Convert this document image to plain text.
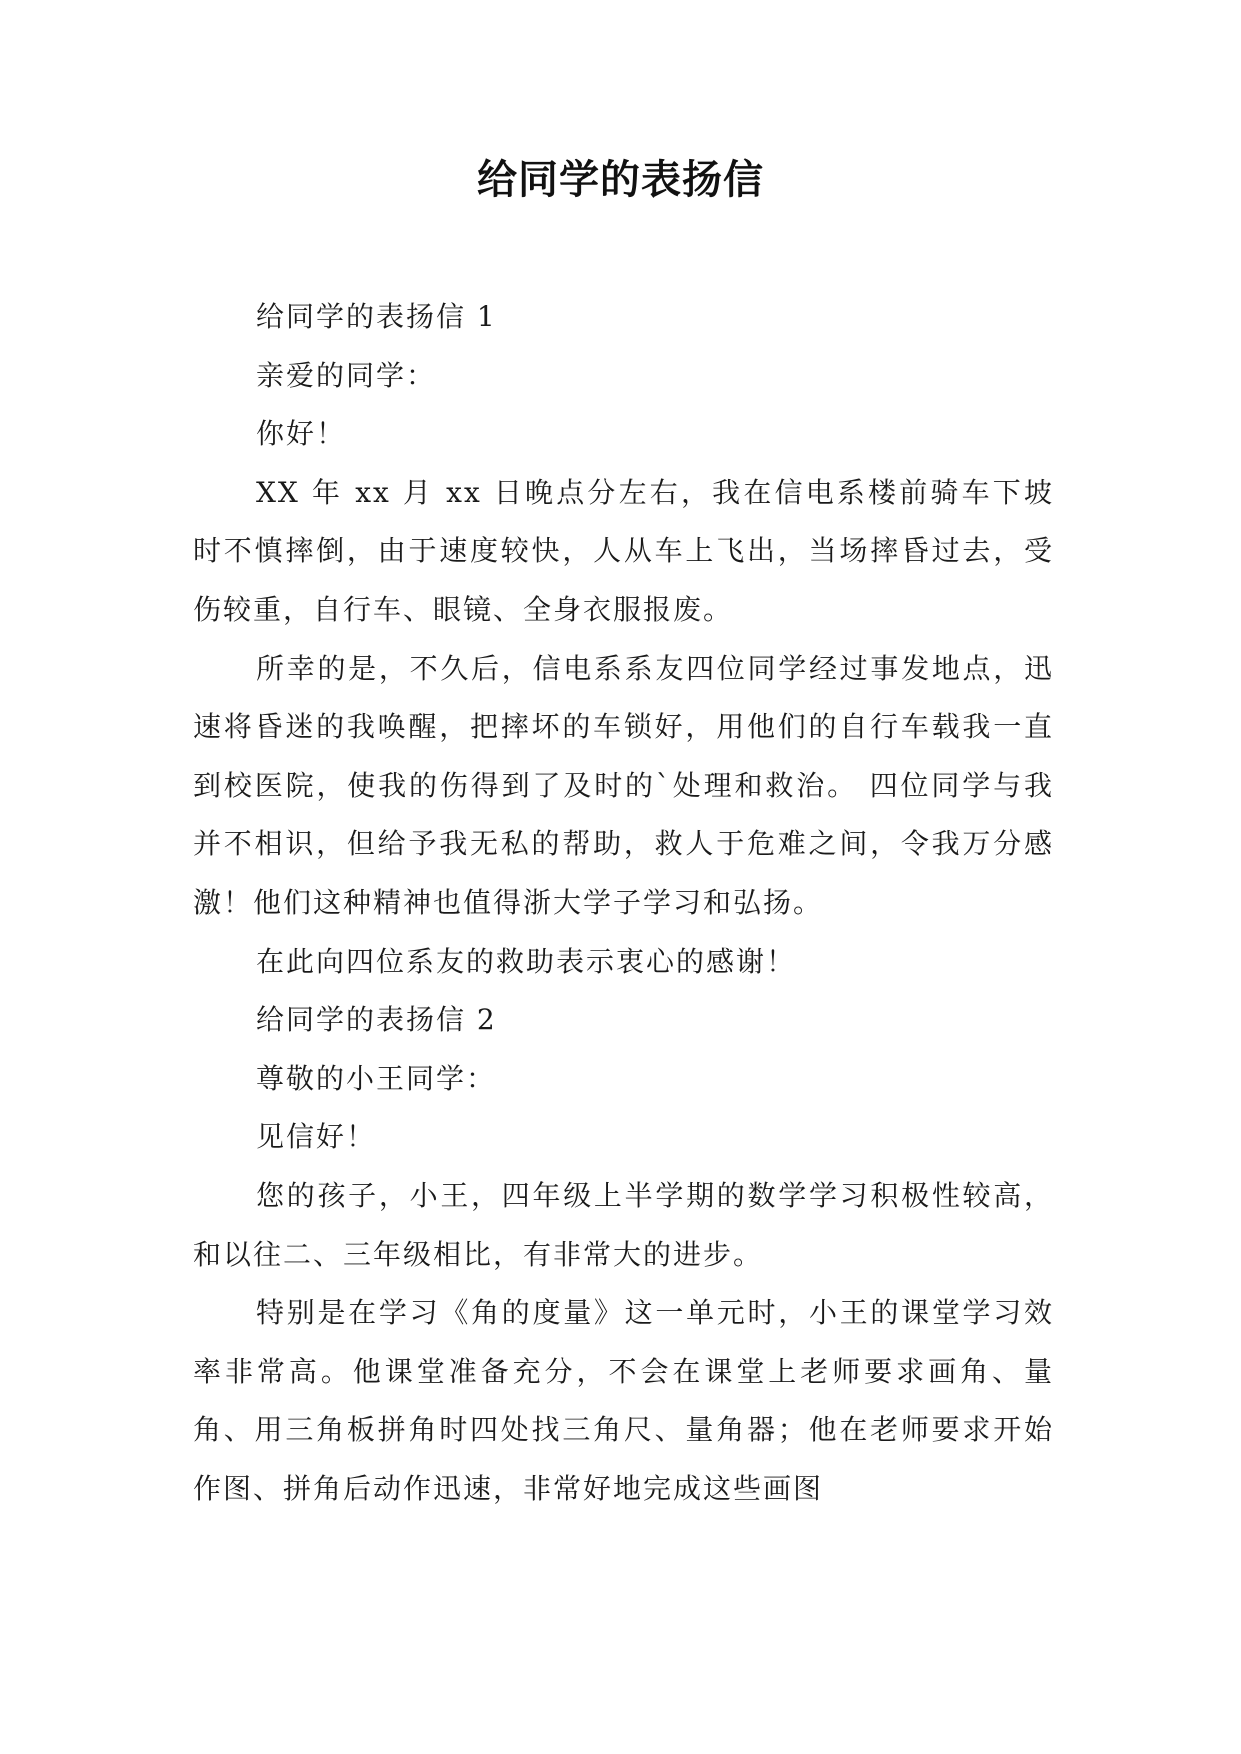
给同学的表扬信

给同学的表扬信 1

亲爱的同学：

你好！

XX 年 xx 月 xx 日晚点分左右，我在信电系楼前骑车下坡时不慎摔倒，由于速度较快，人从车上飞出，当场摔昏过去，受伤较重，自行车、眼镜、全身衣服报废。

所幸的是，不久后，信电系系友四位同学经过事发地点，迅速将昏迷的我唤醒，把摔坏的车锁好，用他们的自行车载我一直到校医院，使我的伤得到了及时的`处理和救治。 四位同学与我并不相识，但给予我无私的帮助，救人于危难之间，令我万分感激！他们这种精神也值得浙大学子学习和弘扬。

在此向四位系友的救助表示衷心的感谢！

给同学的表扬信 2

尊敬的小王同学：

见信好！

您的孩子，小王，四年级上半学期的数学学习积极性较高，和以往二、三年级相比，有非常大的进步。

特别是在学习《角的度量》这一单元时，小王的课堂学习效率非常高。他课堂准备充分，不会在课堂上老师要求画角、量角、用三角板拼角时四处找三角尺、量角器；他在老师要求开始作图、拼角后动作迅速，非常好地完成这些画图
